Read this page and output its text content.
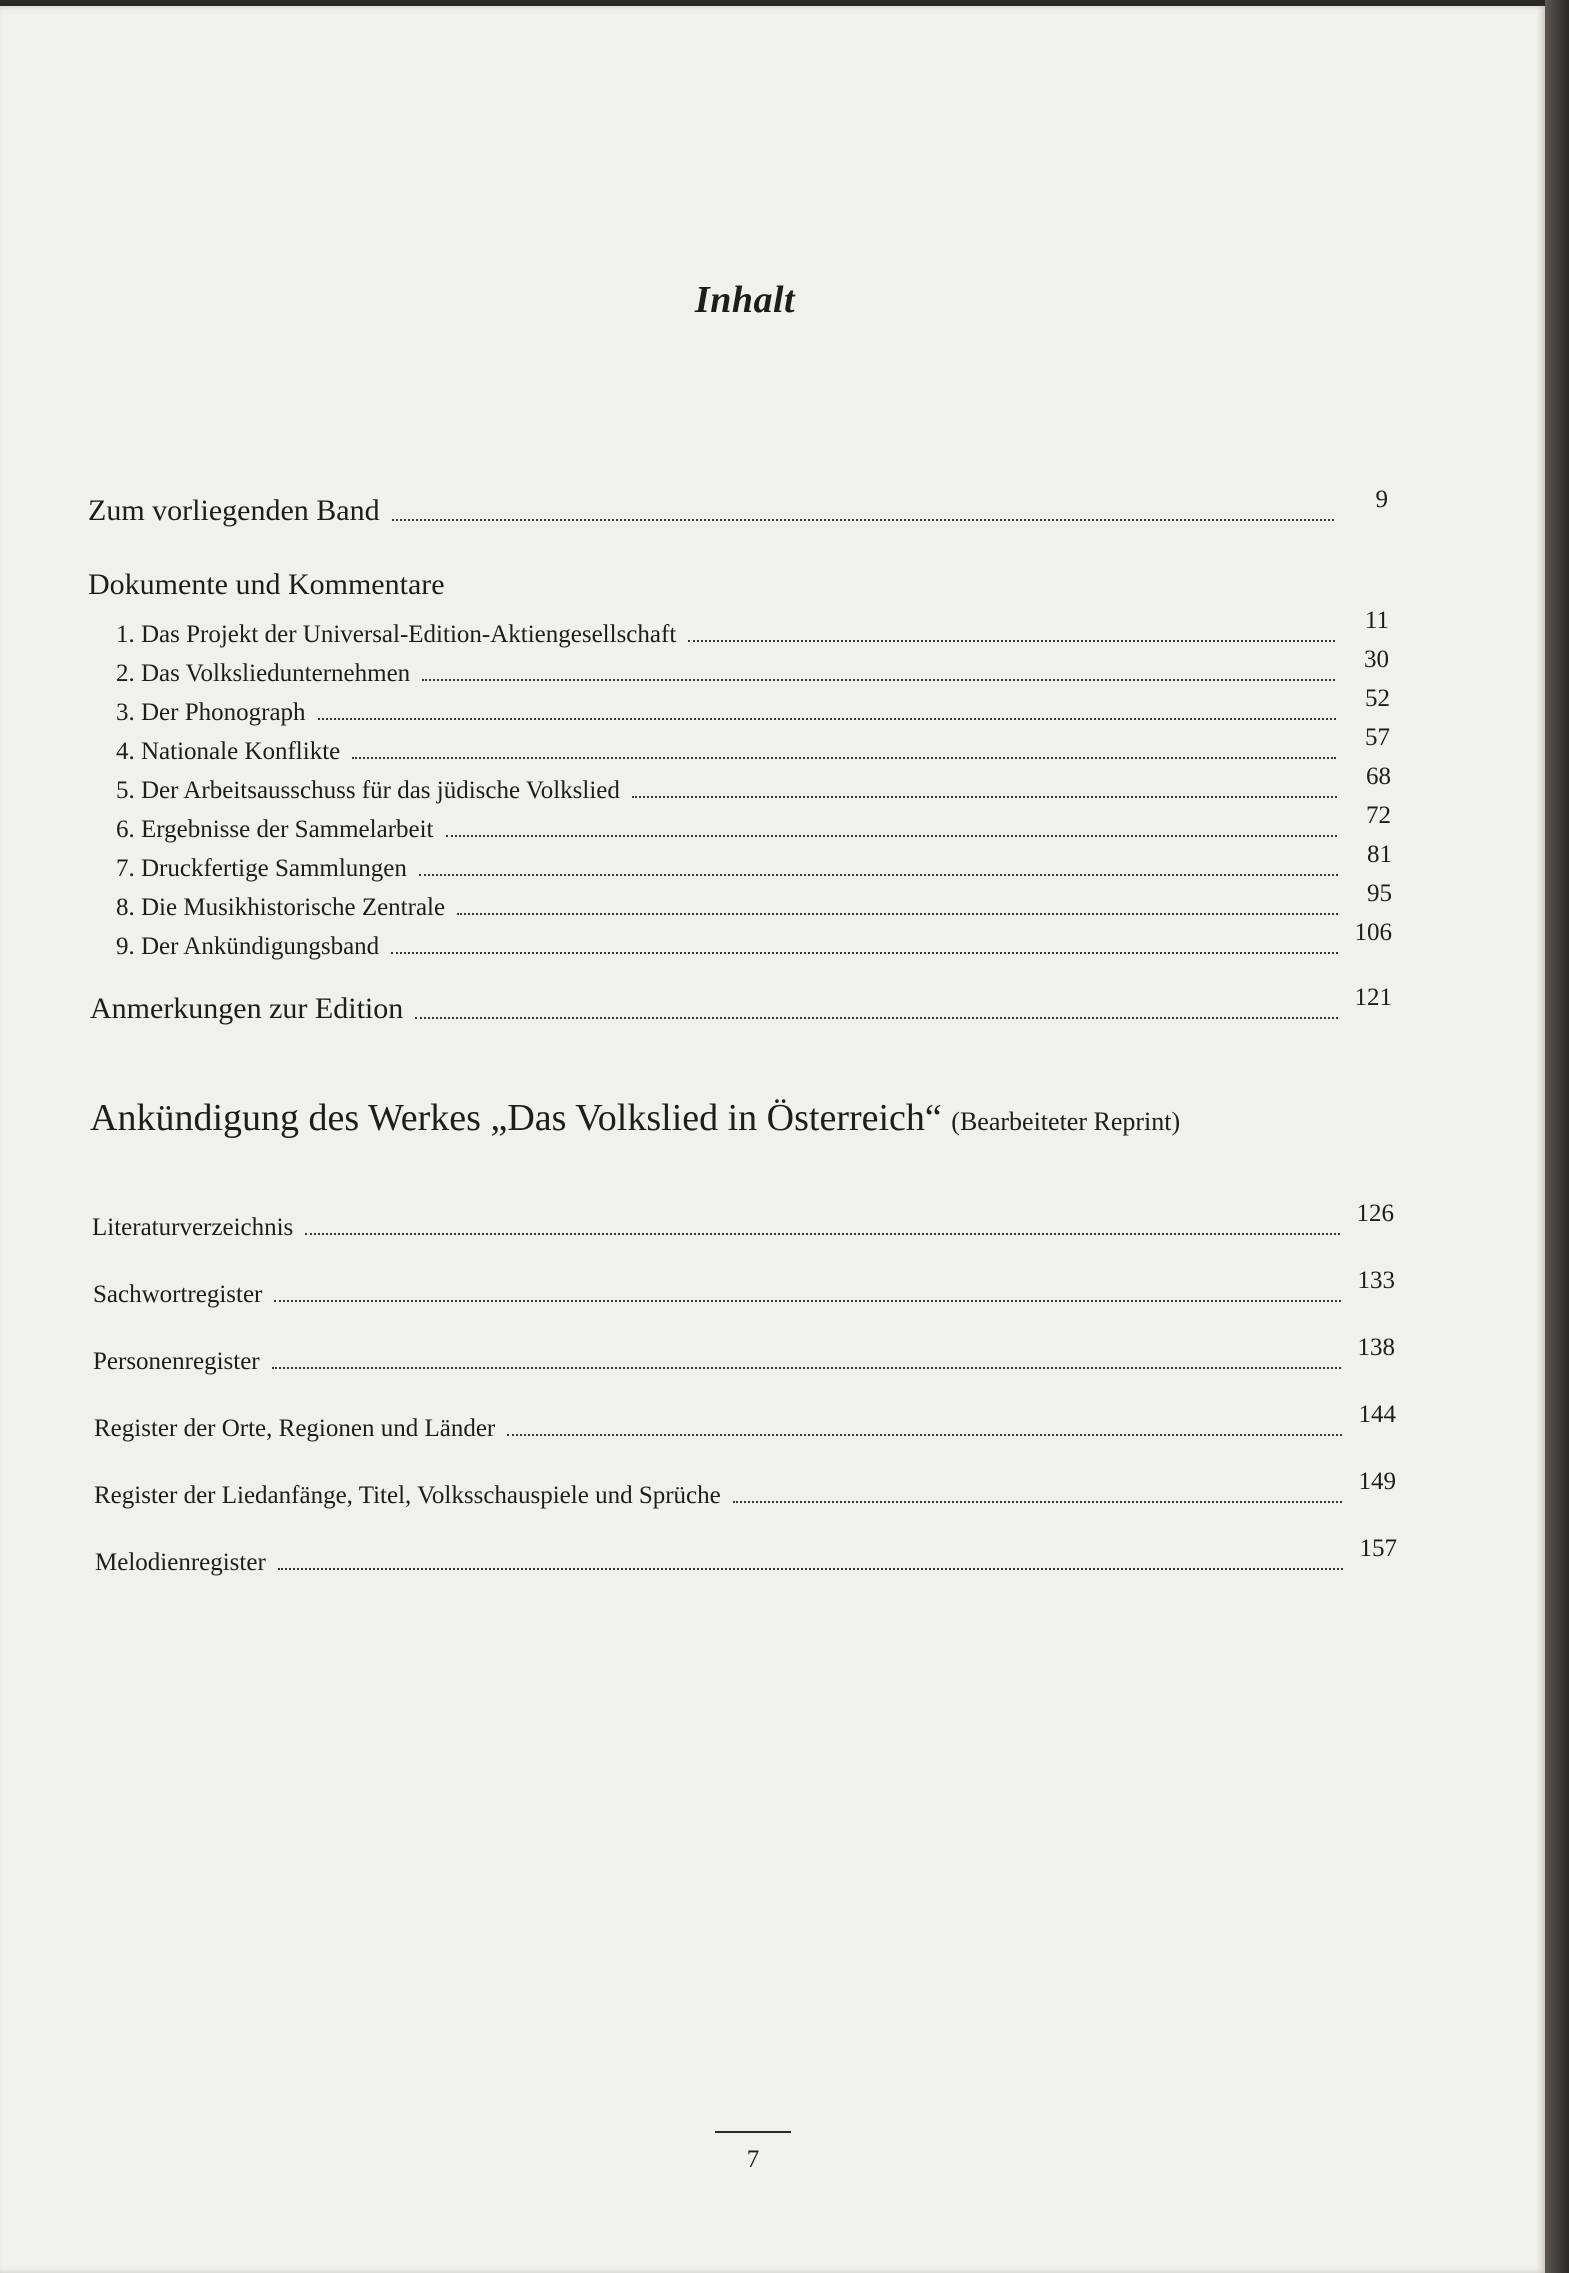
Inhalt
Zum vorliegenden Band	9
Dokumente und Kommentare
1. Das Projekt der Universal-Edition-Aktiengesellschaft
11
2. Das Volksliedunternehmen
30
3. Der Phonograph
52
4. Nationale Konflikte
57
5. Der Arbeitsausschuss für das jüdische Volkslied
68
6. Ergebnisse der Sammelarbeit
72
7. Druckfertige Sammlungen
81
8. Die Musikhistorische Zentrale
95
9. Der Ankündigungsband
106
Anmerkungen zur Edition	121
Ankündigung des Werkes „Das Volkslied in Österreich“ (Bearbeiteter Reprint)
Literaturverzeichnis
126
Sachwortregister
133
Personenregister
138
Register der Orte, Regionen und Länder
144
Register der Liedanfänge, Titel, Volksschauspiele und Sprüche
149
Melodienregister
157
7
